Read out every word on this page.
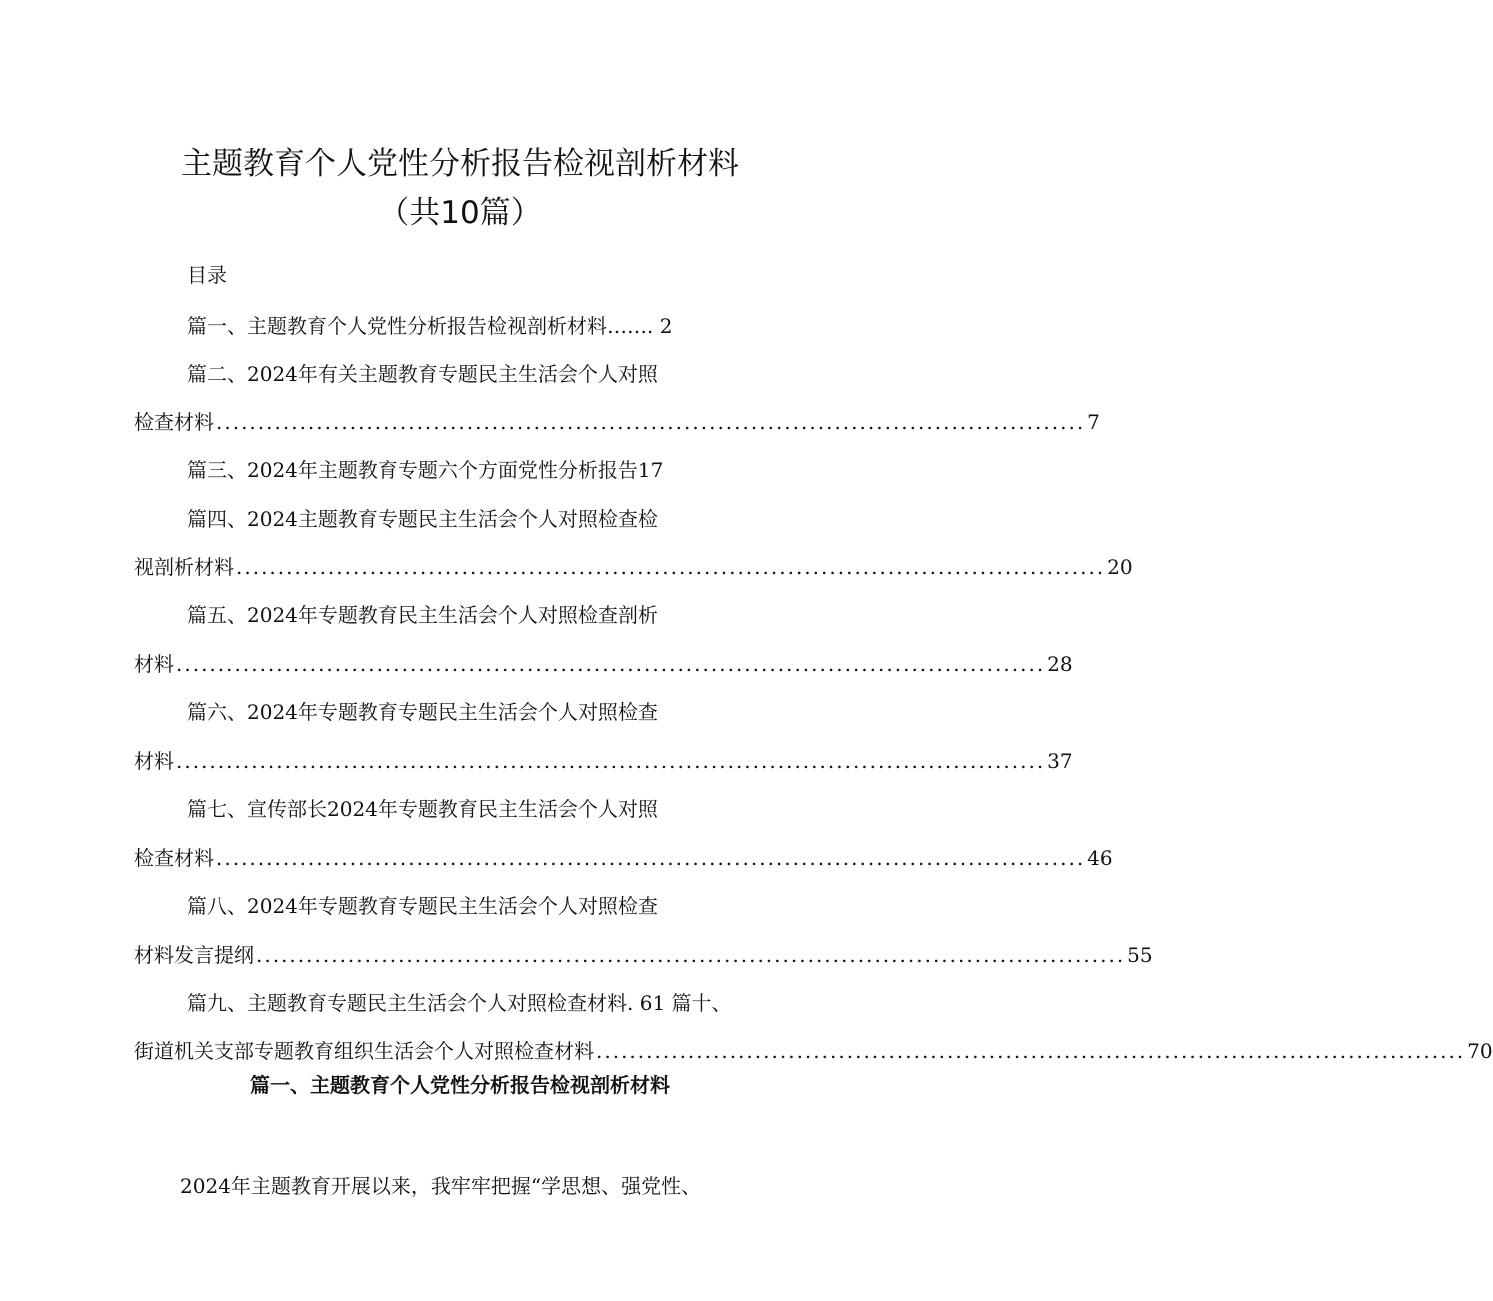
主题教育个人党性分析报告检视剖析材料
（共10篇）
目录
篇一、主题教育个人党性分析报告检视剖析材料……. 2
篇二、2024年有关主题教育专题民主生活会个人对照
检查材料 ........................................................................................................ 7
篇三、2024年主题教育专题六个方面党性分析报告17
篇四、2024主题教育专题民主生活会个人对照检查检
视剖析材料 ........................................................................................................ 20
篇五、2024年专题教育民主生活会个人对照检查剖析
材料 ........................................................................................................ 28
篇六、2024年专题教育专题民主生活会个人对照检查
材料 ........................................................................................................ 37
篇七、宣传部长2024年专题教育民主生活会个人对照
检查材料 ........................................................................................................ 46
篇八、2024年专题教育专题民主生活会个人对照检查
材料发言提纲 ........................................................................................................ 55
篇九、主题教育专题民主生活会个人对照检查材料. 61 篇十、
街道机关支部专题教育组织生活会个人对照检查材料 ........................................................................................................ 70
篇一、主题教育个人党性分析报告检视剖析材料

2024年主题教育开展以来，我牢牢把握“学思想、强党性、
